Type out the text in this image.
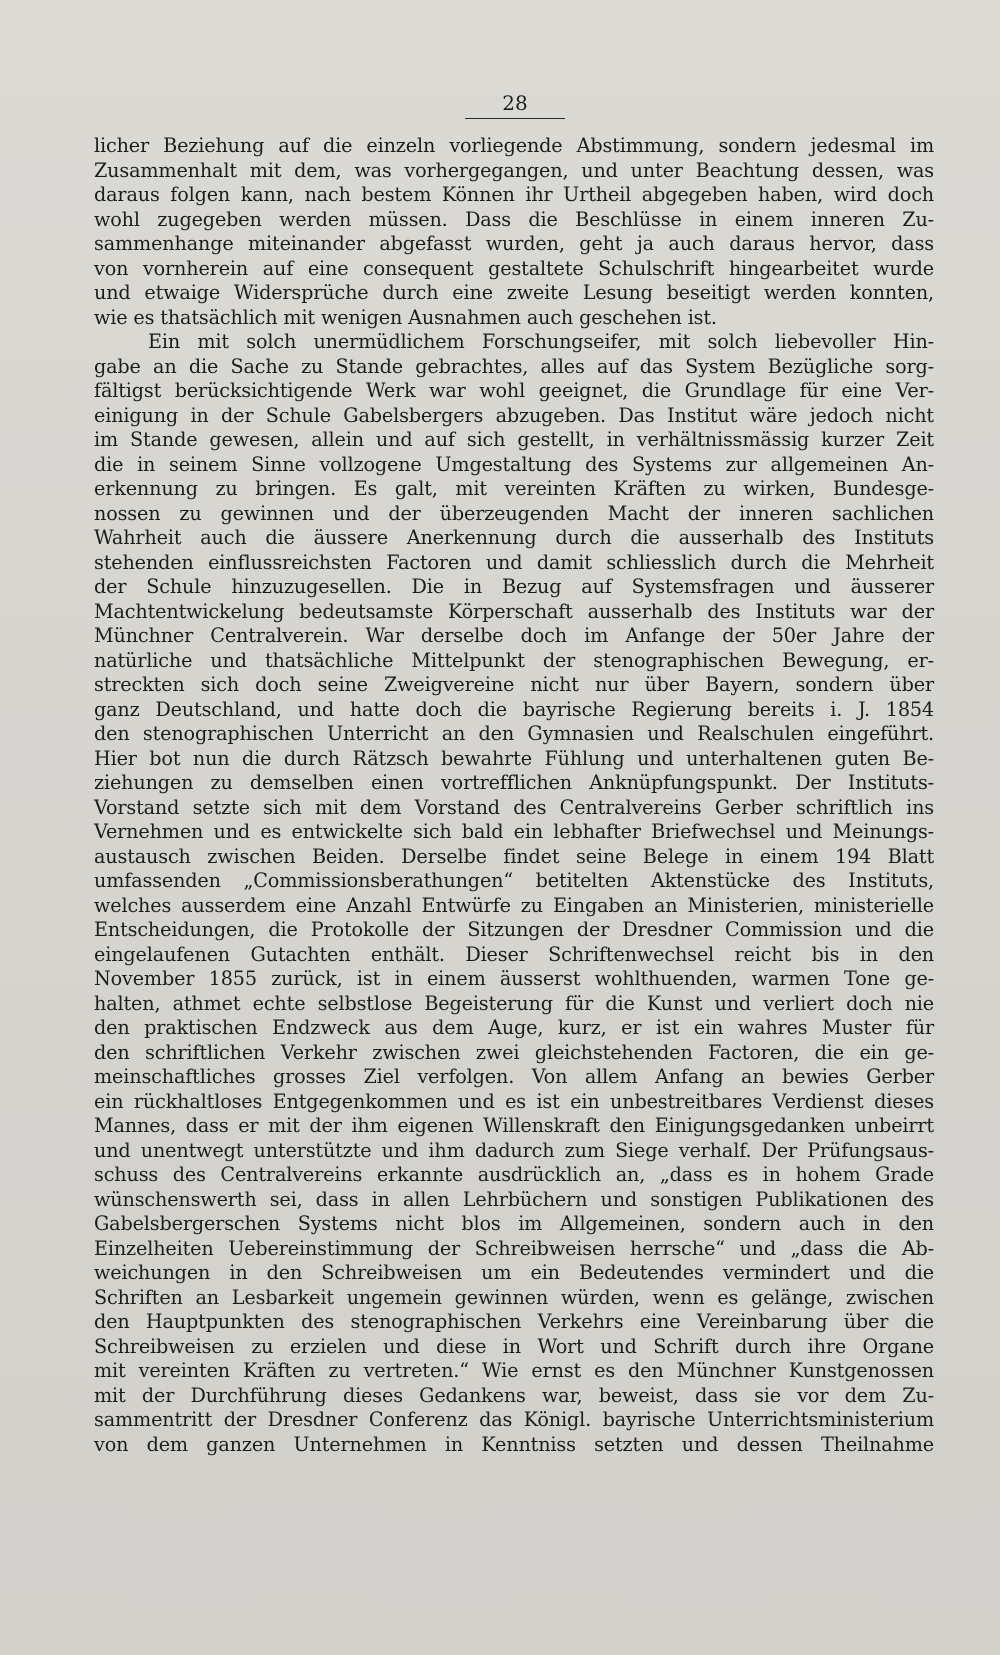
28
licher Beziehung auf die einzeln vorliegende Abstimmung, sondern jedesmal im
Zusammenhalt mit dem, was vorhergegangen, und unter Beachtung dessen, was
daraus folgen kann, nach bestem Können ihr Urtheil abgegeben haben, wird doch
wohl zugegeben werden müssen. Dass die Beschlüsse in einem inneren Zu-
sammenhange miteinander abgefasst wurden, geht ja auch daraus hervor, dass
von vornherein auf eine consequent gestaltete Schulschrift hingearbeitet wurde
und etwaige Widersprüche durch eine zweite Lesung beseitigt werden konnten,
wie es thatsächlich mit wenigen Ausnahmen auch geschehen ist.
Ein mit solch unermüdlichem Forschungseifer, mit solch liebevoller Hin-
gabe an die Sache zu Stande gebrachtes, alles auf das System Bezügliche sorg-
fältigst berücksichtigende Werk war wohl geeignet, die Grundlage für eine Ver-
einigung in der Schule Gabelsbergers abzugeben. Das Institut wäre jedoch nicht
im Stande gewesen, allein und auf sich gestellt, in verhältnissmässig kurzer Zeit
die in seinem Sinne vollzogene Umgestaltung des Systems zur allgemeinen An-
erkennung zu bringen. Es galt, mit vereinten Kräften zu wirken, Bundesge-
nossen zu gewinnen und der überzeugenden Macht der inneren sachlichen
Wahrheit auch die äussere Anerkennung durch die ausserhalb des Instituts
stehenden einflussreichsten Factoren und damit schliesslich durch die Mehrheit
der Schule hinzuzugesellen. Die in Bezug auf Systemsfragen und äusserer
Machtentwickelung bedeutsamste Körperschaft ausserhalb des Instituts war der
Münchner Centralverein. War derselbe doch im Anfange der 50er Jahre der
natürliche und thatsächliche Mittelpunkt der stenographischen Bewegung, er-
streckten sich doch seine Zweigvereine nicht nur über Bayern, sondern über
ganz Deutschland, und hatte doch die bayrische Regierung bereits i. J. 1854
den stenographischen Unterricht an den Gymnasien und Realschulen eingeführt.
Hier bot nun die durch Rätzsch bewahrte Fühlung und unterhaltenen guten Be-
ziehungen zu demselben einen vortrefflichen Anknüpfungspunkt. Der Instituts-
Vorstand setzte sich mit dem Vorstand des Centralvereins Gerber schriftlich ins
Vernehmen und es entwickelte sich bald ein lebhafter Briefwechsel und Meinungs-
austausch zwischen Beiden. Derselbe findet seine Belege in einem 194 Blatt
umfassenden „Commissionsberathungen“ betitelten Aktenstücke des Instituts,
welches ausserdem eine Anzahl Entwürfe zu Eingaben an Ministerien, ministerielle
Entscheidungen, die Protokolle der Sitzungen der Dresdner Commission und die
eingelaufenen Gutachten enthält. Dieser Schriftenwechsel reicht bis in den
November 1855 zurück, ist in einem äusserst wohlthuenden, warmen Tone ge-
halten, athmet echte selbstlose Begeisterung für die Kunst und verliert doch nie
den praktischen Endzweck aus dem Auge, kurz, er ist ein wahres Muster für
den schriftlichen Verkehr zwischen zwei gleichstehenden Factoren, die ein ge-
meinschaftliches grosses Ziel verfolgen. Von allem Anfang an bewies Gerber
ein rückhaltloses Entgegenkommen und es ist ein unbestreitbares Verdienst dieses
Mannes, dass er mit der ihm eigenen Willenskraft den Einigungsgedanken unbeirrt
und unentwegt unterstützte und ihm dadurch zum Siege verhalf. Der Prüfungsaus-
schuss des Centralvereins erkannte ausdrücklich an, „dass es in hohem Grade
wünschenswerth sei, dass in allen Lehrbüchern und sonstigen Publikationen des
Gabelsbergerschen Systems nicht blos im Allgemeinen, sondern auch in den
Einzelheiten Uebereinstimmung der Schreibweisen herrsche“ und „dass die Ab-
weichungen in den Schreibweisen um ein Bedeutendes vermindert und die
Schriften an Lesbarkeit ungemein gewinnen würden, wenn es gelänge, zwischen
den Hauptpunkten des stenographischen Verkehrs eine Vereinbarung über die
Schreibweisen zu erzielen und diese in Wort und Schrift durch ihre Organe
mit vereinten Kräften zu vertreten.“ Wie ernst es den Münchner Kunstgenossen
mit der Durchführung dieses Gedankens war, beweist, dass sie vor dem Zu-
sammentritt der Dresdner Conferenz das Königl. bayrische Unterrichtsministerium
von dem ganzen Unternehmen in Kenntniss setzten und dessen Theilnahme
